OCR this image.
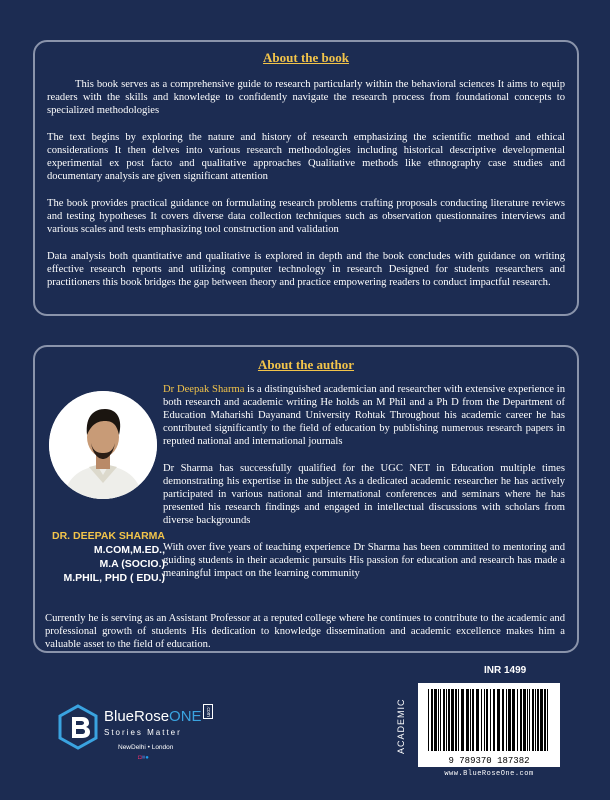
About the book

This book serves as a comprehensive guide to research particularly within the behavioral sciences It aims to equip readers with the skills and knowledge to confidently navigate the research process from foundational concepts to specialized methodologies

The text begins by exploring the nature and history of research emphasizing the scientific method and ethical considerations It then delves into various research methodologies including historical descriptive developmental experimental ex post facto and qualitative approaches Qualitative methods like ethnography case studies and documentary analysis are given significant attention

The book provides practical guidance on formulating research problems crafting proposals conducting literature reviews and testing hypotheses It covers diverse data collection techniques such as observation questionnaires interviews and various scales and tests emphasizing tool construction and validation

Data analysis both quantitative and qualitative is explored in depth and the book concludes with guidance on writing effective research reports and utilizing computer technology in research Designed for students researchers and practitioners this book bridges the gap between theory and practice empowering readers to conduct impactful research.

About the author
DR. DEEPAK SHARMA
M.COM,M.ED.,
M.A (SOCIO.)
M.PHIL, PHD ( EDU.)

Dr Deepak Sharma is a distinguished academician and researcher with extensive experience in both research and academic writing He holds an M Phil and a Ph D from the Department of Education Maharishi Dayanand University Rohtak Throughout his academic career he has contributed significantly to the field of education by publishing numerous research papers in reputed national and international journals

Dr Sharma has successfully qualified for the UGC NET in Education multiple times demonstrating his expertise in the subject As a dedicated academic researcher he has actively participated in various national and international conferences and seminars where he has presented his research findings and engaged in intellectual discussions with scholars from diverse backgrounds

With over five years of teaching experience Dr Sharma has been committed to mentoring and guiding students in their academic pursuits His passion for education and research has made a meaningful impact on the learning community

Currently he is serving as an Assistant Professor at a reputed college where he continues to contribute to the academic and professional growth of students His dedication to knowledge dissemination and academic excellence makes him a valuable asset to the field of education.
BlueRoseONE .com
Stories Matter
NewDelhi • London
◘■●
INR 1499
ACADEMIC
9 789370 187382
www.BlueRoseOne.com
